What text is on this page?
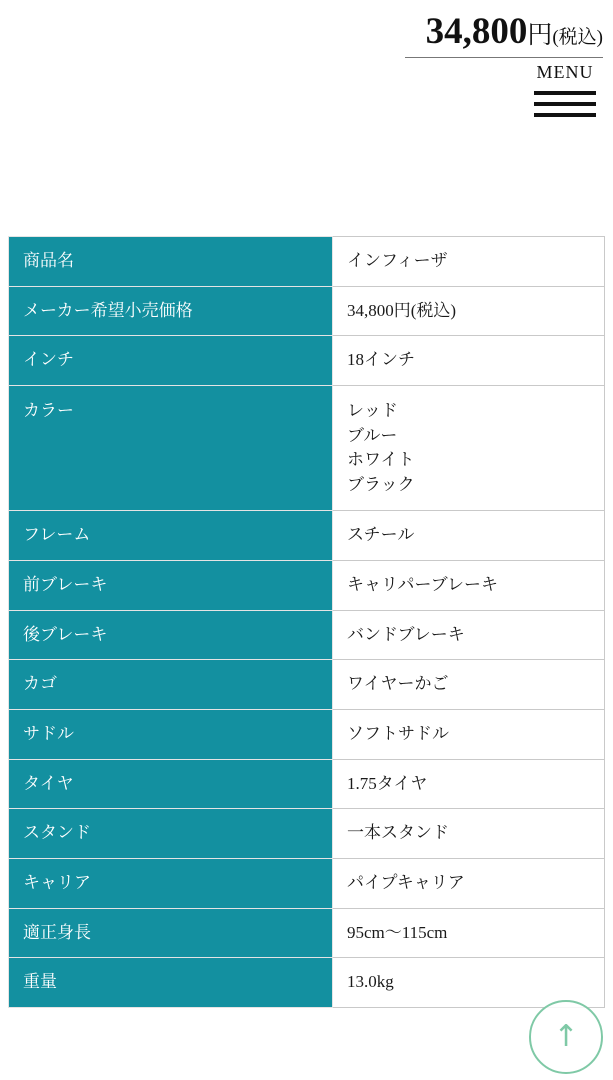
34,800円(税込)
MENU
商品名	インフィーザ

メーカー希望小売価格	34,800円(税込)

インチ	18インチ

カラー	レッド
ブルー
ホワイト
ブラック

フレーム	スチール

前ブレーキ	キャリパーブレーキ

後ブレーキ	バンドブレーキ

カゴ	ワイヤーかご

サドル	ソフトサドル

タイヤ	1.75タイヤ

スタンド	一本スタンド

キャリア	パイプキャリア

適正身長	95cm〜115cm

重量	13.0kg
↑
